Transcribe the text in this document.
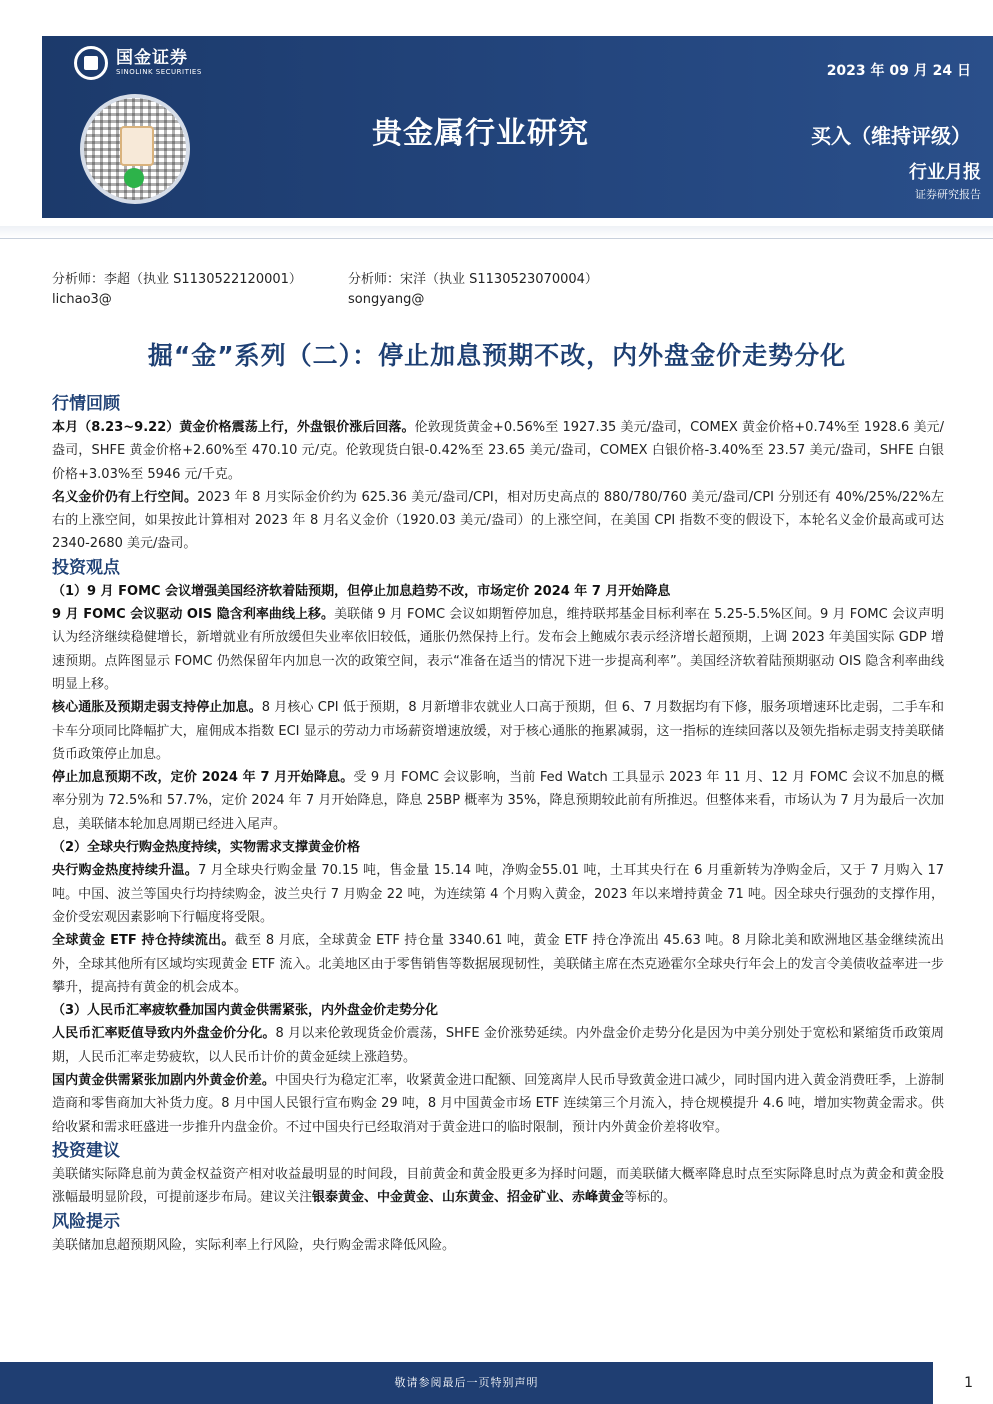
国金证券
SINOLINK SECURITIES	2023 年 09 月 24 日
贵金属行业研究	买入（维持评级）
行业月报
证券研究报告
分析师：李超（执业 S1130522120001）
lichao3@
分析师：宋洋（执业 S1130523070004）
songyang@
掘“金”系列（二）：停止加息预期不改，内外盘金价走势分化

行情回顾

本月（8.23~9.22）黄金价格震荡上行，外盘银价涨后回落。伦敦现货黄金+0.56%至 1927.35 美元/盎司，COMEX 黄金价格+0.74%至 1928.6 美元/盎司，SHFE 黄金价格+2.60%至 470.10 元/克。伦敦现货白银-0.42%至 23.65 美元/盎司，COMEX 白银价格-3.40%至 23.57 美元/盎司，SHFE 白银价格+3.03%至 5946 元/千克。

名义金价仍有上行空间。2023 年 8 月实际金价约为 625.36 美元/盎司/CPI，相对历史高点的 880/780/760 美元/盎司/CPI 分别还有 40%/25%/22%左右的上涨空间，如果按此计算相对 2023 年 8 月名义金价（1920.03 美元/盎司）的上涨空间，在美国 CPI 指数不变的假设下，本轮名义金价最高或可达 2340-2680 美元/盎司。

投资观点

（1）9 月 FOMC 会议增强美国经济软着陆预期，但停止加息趋势不改，市场定价 2024 年 7 月开始降息

9 月 FOMC 会议驱动 OIS 隐含利率曲线上移。美联储 9 月 FOMC 会议如期暂停加息，维持联邦基金目标利率在 5.25-5.5%区间。9 月 FOMC 会议声明认为经济继续稳健增长，新增就业有所放缓但失业率依旧较低，通胀仍然保持上行。发布会上鲍威尔表示经济增长超预期，上调 2023 年美国实际 GDP 增速预期。点阵图显示 FOMC 仍然保留年内加息一次的政策空间，表示“准备在适当的情况下进一步提高利率”。美国经济软着陆预期驱动 OIS 隐含利率曲线明显上移。

核心通胀及预期走弱支持停止加息。8 月核心 CPI 低于预期，8 月新增非农就业人口高于预期，但 6、7 月数据均有下修，服务项增速环比走弱，二手车和卡车分项同比降幅扩大，雇佣成本指数 ECI 显示的劳动力市场薪资增速放缓，对于核心通胀的拖累减弱，这一指标的连续回落以及领先指标走弱支持美联储货币政策停止加息。

停止加息预期不改，定价 2024 年 7 月开始降息。受 9 月 FOMC 会议影响，当前 Fed Watch 工具显示 2023 年 11 月、12 月 FOMC 会议不加息的概率分别为 72.5%和 57.7%，定价 2024 年 7 月开始降息，降息 25BP 概率为 35%，降息预期较此前有所推迟。但整体来看，市场认为 7 月为最后一次加息，美联储本轮加息周期已经进入尾声。

（2）全球央行购金热度持续，实物需求支撑黄金价格

央行购金热度持续升温。7 月全球央行购金量 70.15 吨，售金量 15.14 吨，净购金55.01 吨，土耳其央行在 6 月重新转为净购金后，又于 7 月购入 17 吨。中国、波兰等国央行均持续购金，波兰央行 7 月购金 22 吨，为连续第 4 个月购入黄金，2023 年以来增持黄金 71 吨。因全球央行强劲的支撑作用，金价受宏观因素影响下行幅度将受限。

全球黄金 ETF 持仓持续流出。截至 8 月底，全球黄金 ETF 持仓量 3340.61 吨，黄金 ETF 持仓净流出 45.63 吨。8 月除北美和欧洲地区基金继续流出外，全球其他所有区域均实现黄金 ETF 流入。北美地区由于零售销售等数据展现韧性，美联储主席在杰克逊霍尔全球央行年会上的发言令美债收益率进一步攀升，提高持有黄金的机会成本。

（3）人民币汇率疲软叠加国内黄金供需紧张，内外盘金价走势分化

人民币汇率贬值导致内外盘金价分化。8 月以来伦敦现货金价震荡，SHFE 金价涨势延续。内外盘金价走势分化是因为中美分别处于宽松和紧缩货币政策周期，人民币汇率走势疲软，以人民币计价的黄金延续上涨趋势。

国内黄金供需紧张加剧内外黄金价差。中国央行为稳定汇率，收紧黄金进口配额、回笼离岸人民币导致黄金进口减少，同时国内进入黄金消费旺季，上游制造商和零售商加大补货力度。8 月中国人民银行宣布购金 29 吨，8 月中国黄金市场 ETF 连续第三个月流入，持仓规模提升 4.6 吨，增加实物黄金需求。供给收紧和需求旺盛进一步推升内盘金价。不过中国央行已经取消对于黄金进口的临时限制，预计内外黄金价差将收窄。

投资建议

美联储实际降息前为黄金权益资产相对收益最明显的时间段，目前黄金和黄金股更多为择时问题，而美联储大概率降息时点至实际降息时点为黄金和黄金股涨幅最明显阶段，可提前逐步布局。建议关注银泰黄金、中金黄金、山东黄金、招金矿业、赤峰黄金等标的。

风险提示

美联储加息超预期风险，实际利率上行风险，央行购金需求降低风险。

敬请参阅最后一页特别声明	1
